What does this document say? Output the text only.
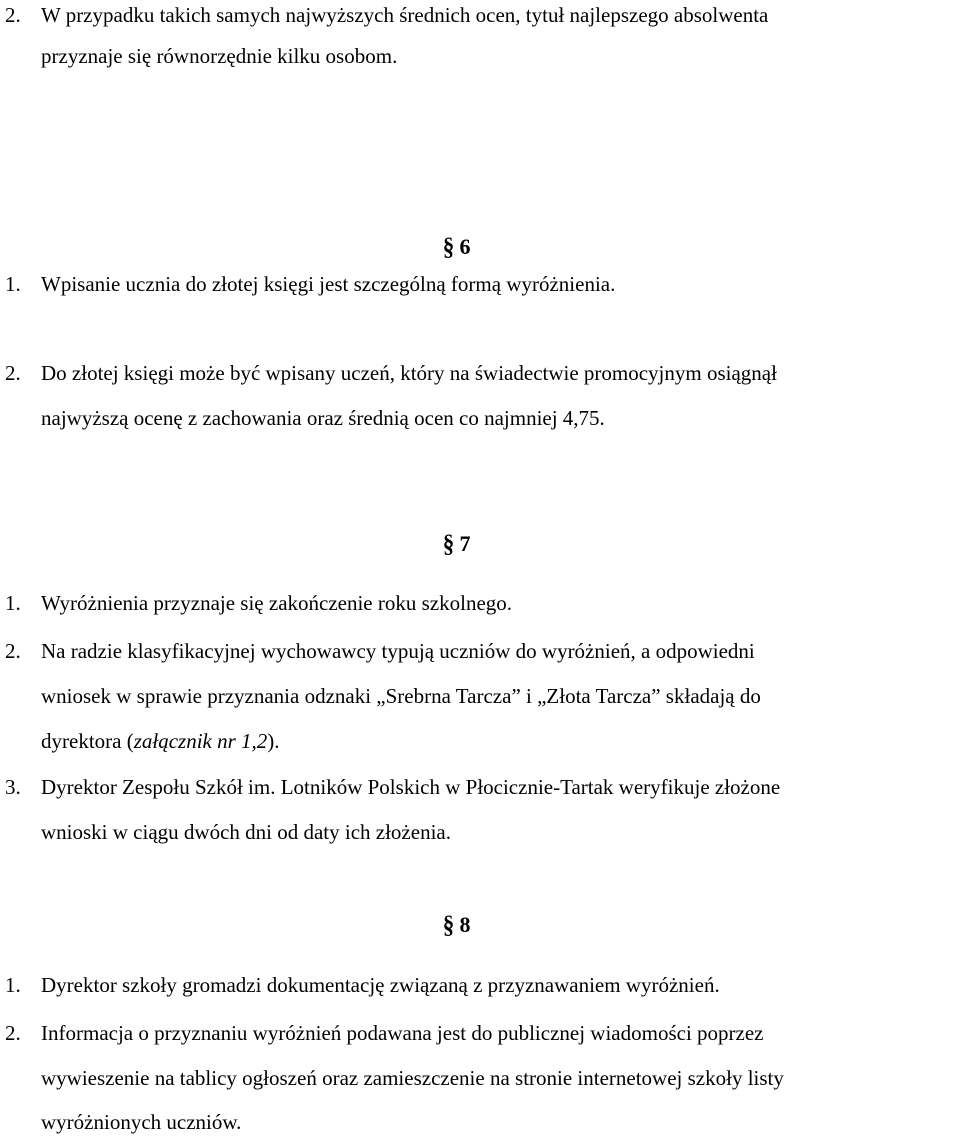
2. W przypadku takich samych najwyższych średnich ocen, tytuł najlepszego absolwenta
przyznaje się równorzędnie kilku osobom.
§ 6
1. Wpisanie ucznia do złotej księgi jest szczególną formą wyróżnienia.
2. Do złotej księgi może być wpisany uczeń, który na świadectwie promocyjnym osiągnął
najwyższą ocenę z zachowania oraz średnią ocen co najmniej 4,75.
§ 7
1. Wyróżnienia przyznaje się zakończenie roku szkolnego.
2. Na radzie klasyfikacyjnej wychowawcy typują uczniów do wyróżnień, a odpowiedni
wniosek w sprawie przyznania odznaki „Srebrna Tarcza” i „Złota Tarcza” składają do
dyrektora (załącznik nr 1,2).
3. Dyrektor Zespołu Szkół im. Lotników Polskich w Płocicznie-Tartak weryfikuje złożone
wnioski w ciągu dwóch dni od daty ich złożenia.
§ 8
1. Dyrektor szkoły gromadzi dokumentację związaną z przyznawaniem wyróżnień.
2. Informacja o przyznaniu wyróżnień podawana jest do publicznej wiadomości poprzez
wywieszenie na tablicy ogłoszeń oraz zamieszczenie na stronie internetowej szkoły listy
wyróżnionych uczniów.
